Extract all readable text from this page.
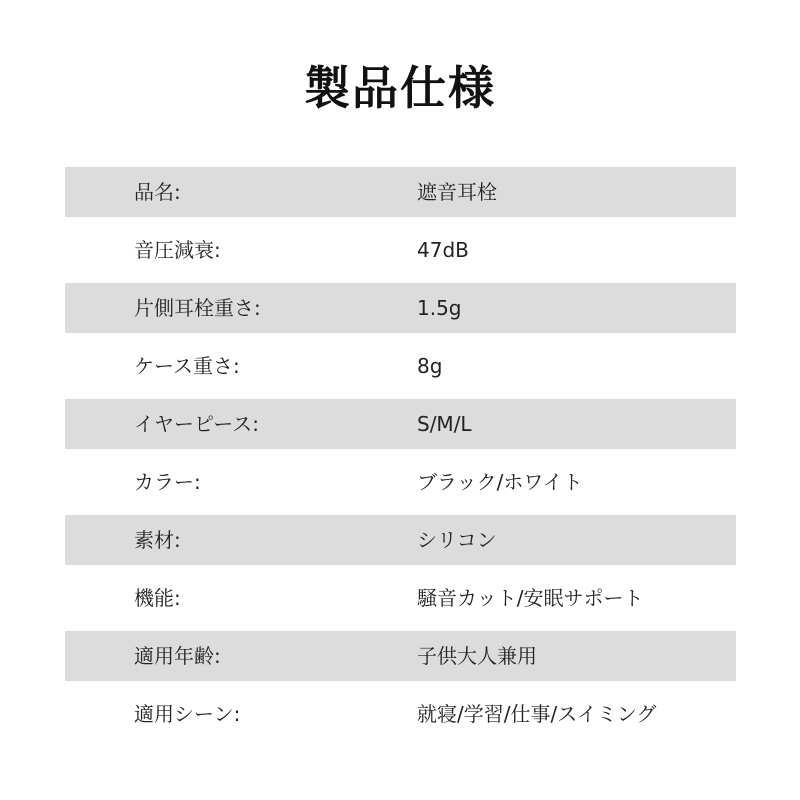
製品仕様
品名:	遮音耳栓
音圧減衰:	47dB
片側耳栓重さ:	1.5g
ケース重さ:	8g
イヤーピース:	S/M/L
カラー:	ブラック/ホワイト
素材:	シリコン
機能:	騒音カット/安眠サポート
適用年齢:	子供大人兼用
適用シーン:	就寝/学習/仕事/スイミング
